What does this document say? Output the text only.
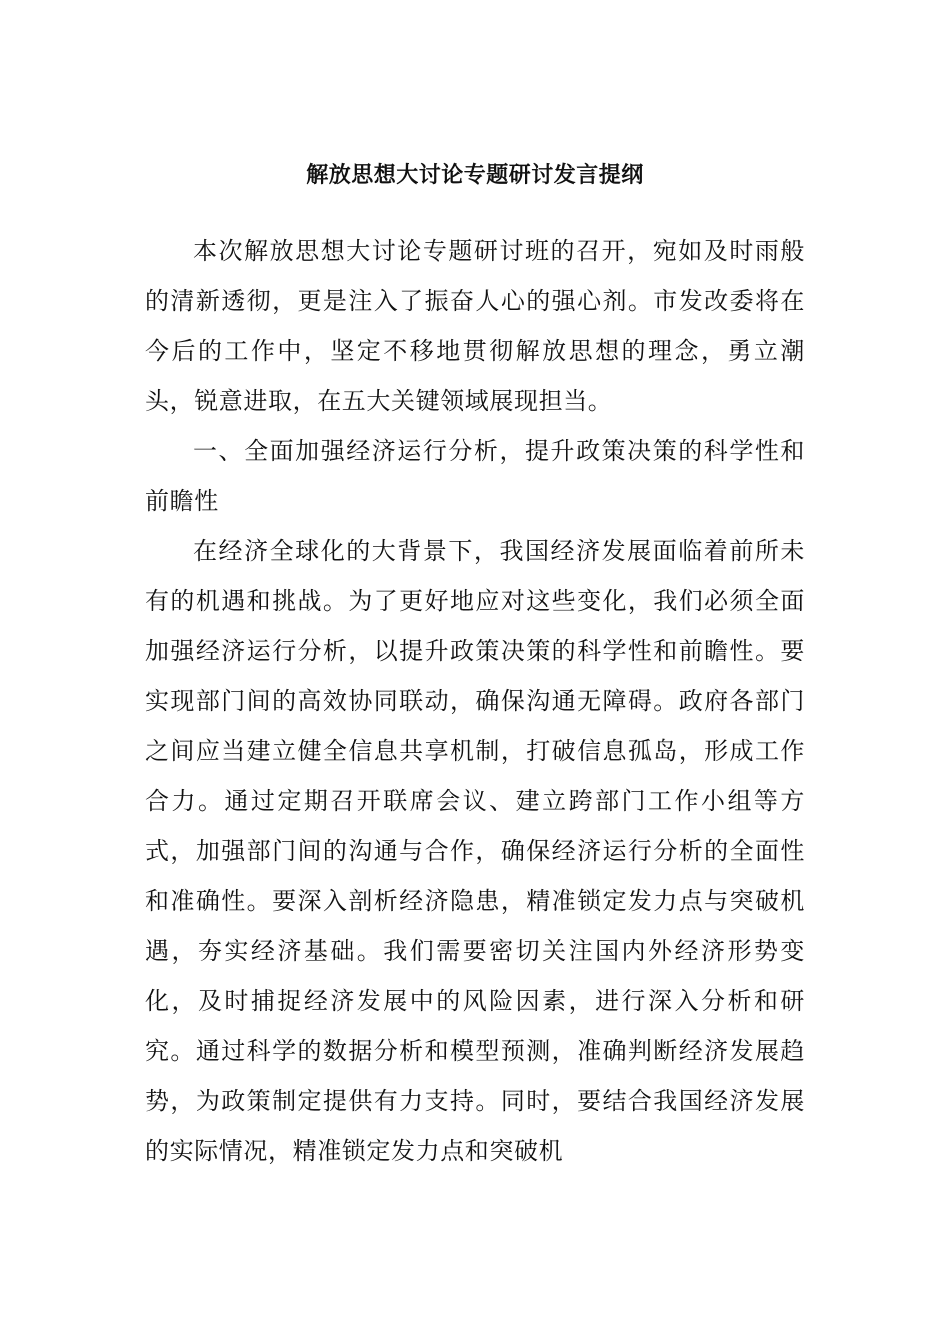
解放思想大讨论专题研讨发言提纲

本次解放思想大讨论专题研讨班的召开，宛如及时雨般的清新透彻，更是注入了振奋人心的强心剂。市发改委将在今后的工作中，坚定不移地贯彻解放思想的理念，勇立潮头，锐意进取，在五大关键领域展现担当。

一、全面加强经济运行分析，提升政策决策的科学性和前瞻性

在经济全球化的大背景下，我国经济发展面临着前所未有的机遇和挑战。为了更好地应对这些变化，我们必须全面加强经济运行分析，以提升政策决策的科学性和前瞻性。要实现部门间的高效协同联动，确保沟通无障碍。政府各部门之间应当建立健全信息共享机制，打破信息孤岛，形成工作合力。通过定期召开联席会议、建立跨部门工作小组等方式，加强部门间的沟通与合作，确保经济运行分析的全面性和准确性。要深入剖析经济隐患，精准锁定发力点与突破机遇，夯实经济基础。我们需要密切关注国内外经济形势变化，及时捕捉经济发展中的风险因素，进行深入分析和研究。通过科学的数据分析和模型预测，准确判断经济发展趋势，为政策制定提供有力支持。同时，要结合我国经济发展的实际情况，精准锁定发力点和突破机
